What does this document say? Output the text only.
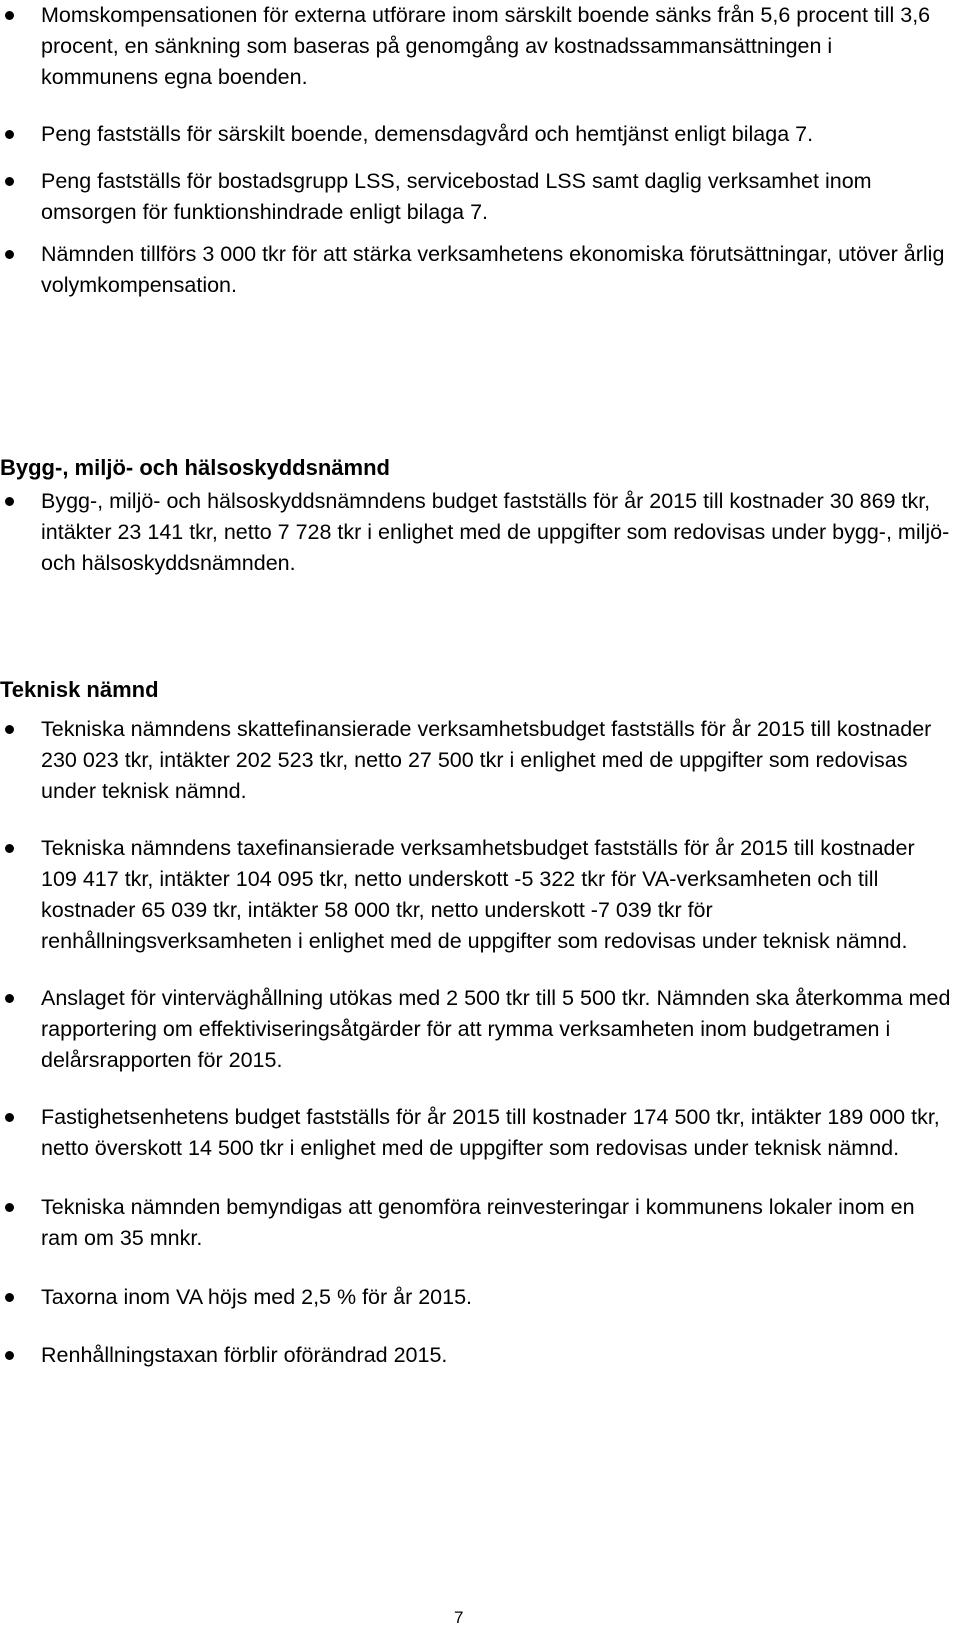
Momskompensationen för externa utförare inom särskilt boende sänks från 5,6 procent till 3,6 procent, en sänkning som baseras på genomgång av kostnadssammansättningen i kommunens egna boenden.
Peng fastställs för särskilt boende, demensdagvård och hemtjänst enligt bilaga 7.
Peng fastställs för bostadsgrupp LSS, servicebostad LSS samt daglig verksamhet inom omsorgen för funktionshindrade enligt bilaga 7.
Nämnden tillförs 3 000 tkr för att stärka verksamhetens ekonomiska förutsättningar, utöver årlig volymkompensation.
Bygg-, miljö- och hälsoskyddsnämnd
Bygg-, miljö- och hälsoskyddsnämndens budget fastställs för år 2015 till kostnader 30 869 tkr, intäkter 23 141 tkr, netto 7 728 tkr i enlighet med de uppgifter som redovisas under bygg-, miljö- och hälsoskyddsnämnden.
Teknisk nämnd
Tekniska nämndens skattefinansierade verksamhetsbudget fastställs för år 2015 till kostnader 230 023 tkr, intäkter 202 523 tkr, netto 27 500 tkr i enlighet med de uppgifter som redovisas under teknisk nämnd.
Tekniska nämndens taxefinansierade verksamhetsbudget fastställs för år 2015 till kostnader 109 417 tkr, intäkter 104 095 tkr, netto underskott -5 322 tkr för VA-verksamheten och till kostnader 65 039 tkr, intäkter 58 000 tkr, netto underskott -7 039 tkr för renhållningsverksamheten i enlighet med de uppgifter som redovisas under teknisk nämnd.
Anslaget för vinterväghållning utökas med 2 500 tkr till 5 500 tkr. Nämnden ska återkomma med rapportering om effektiviseringsåtgärder för att rymma verksamheten inom budgetramen i delårsrapporten för 2015.
Fastighetsenhetens budget fastställs för år 2015 till kostnader 174 500 tkr, intäkter 189 000 tkr, netto överskott 14 500 tkr i enlighet med de uppgifter som redovisas under teknisk nämnd.
Tekniska nämnden bemyndigas att genomföra reinvesteringar i kommunens lokaler inom en ram om 35 mnkr.
Taxorna inom VA höjs med 2,5 % för år 2015.
Renhållningstaxan förblir oförändrad 2015.
7
